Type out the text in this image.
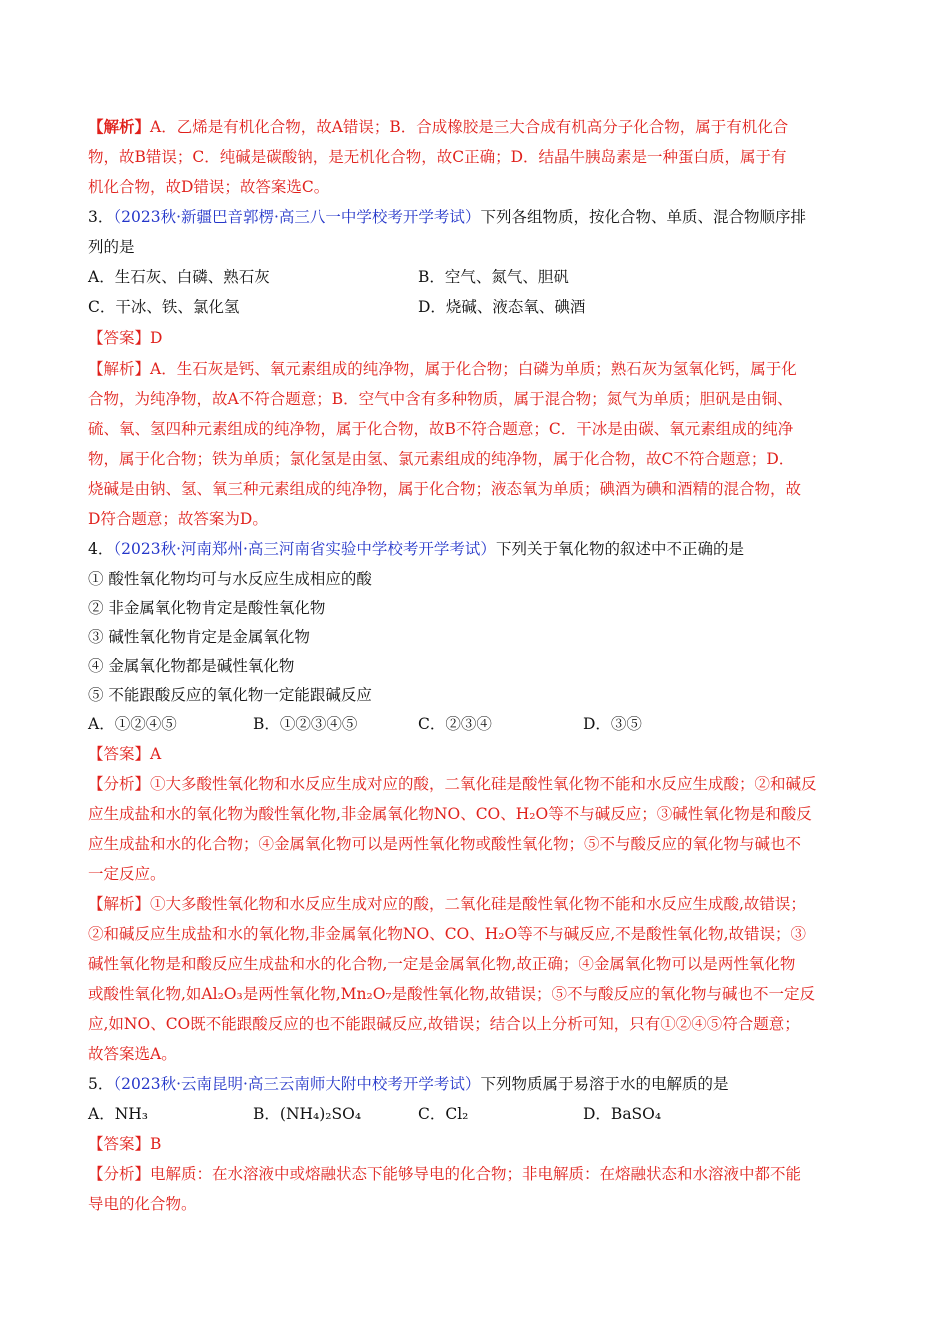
【解析】A．乙烯是有机化合物，故A错误；B．合成橡胶是三大合成有机高分子化合物，属于有机化合
物，故B错误；C．纯碱是碳酸钠，是无机化合物，故C正确；D．结晶牛胰岛素是一种蛋白质，属于有
机化合物，故D错误；故答案选C。
3．（2023秋·新疆巴音郭楞·高三八一中学校考开学考试）下列各组物质，按化合物、单质、混合物顺序排
列的是
A．生石灰、白磷、熟石灰	B．空气、氮气、胆矾
C．干冰、铁、氯化氢	D．烧碱、液态氧、碘酒
【答案】D
【解析】A．生石灰是钙、氧元素组成的纯净物，属于化合物；白磷为单质；熟石灰为氢氧化钙，属于化
合物，为纯净物，故A不符合题意；B．空气中含有多种物质，属于混合物；氮气为单质；胆矾是由铜、
硫、氧、氢四种元素组成的纯净物，属于化合物，故B不符合题意；C．干冰是由碳、氧元素组成的纯净
物，属于化合物；铁为单质；氯化氢是由氢、氯元素组成的纯净物，属于化合物，故C不符合题意；D．
烧碱是由钠、氢、氧三种元素组成的纯净物，属于化合物；液态氧为单质；碘酒为碘和酒精的混合物，故
D符合题意；故答案为D。
4．（2023秋·河南郑州·高三河南省实验中学校考开学考试）下列关于氧化物的叙述中不正确的是
① 酸性氧化物均可与水反应生成相应的酸
② 非金属氧化物肯定是酸性氧化物
③ 碱性氧化物肯定是金属氧化物
④ 金属氧化物都是碱性氧化物
⑤ 不能跟酸反应的氧化物一定能跟碱反应
A．①②④⑤	B．①②③④⑤	C．②③④	D．③⑤
【答案】A
【分析】①大多酸性氧化物和水反应生成对应的酸，二氧化硅是酸性氧化物不能和水反应生成酸；②和碱反
应生成盐和水的氧化物为酸性氧化物,非金属氧化物NO、CO、H₂O等不与碱反应；③碱性氧化物是和酸反
应生成盐和水的化合物；④金属氧化物可以是两性氧化物或酸性氧化物；⑤不与酸反应的氧化物与碱也不
一定反应。
【解析】①大多酸性氧化物和水反应生成对应的酸，二氧化硅是酸性氧化物不能和水反应生成酸,故错误；
②和碱反应生成盐和水的氧化物,非金属氧化物NO、CO、H₂O等不与碱反应,不是酸性氧化物,故错误；③
碱性氧化物是和酸反应生成盐和水的化合物,一定是金属氧化物,故正确；④金属氧化物可以是两性氧化物
或酸性氧化物,如Al₂O₃是两性氧化物,Mn₂O₇是酸性氧化物,故错误；⑤不与酸反应的氧化物与碱也不一定反
应,如NO、CO既不能跟酸反应的也不能跟碱反应,故错误；结合以上分析可知，只有①②④⑤符合题意；
故答案选A。
5．（2023秋·云南昆明·高三云南师大附中校考开学考试）下列物质属于易溶于水的电解质的是
A．NH₃	B．(NH₄)₂SO₄	C．Cl₂	D．BaSO₄
【答案】B
【分析】电解质：在水溶液中或熔融状态下能够导电的化合物；非电解质：在熔融状态和水溶液中都不能
导电的化合物。
